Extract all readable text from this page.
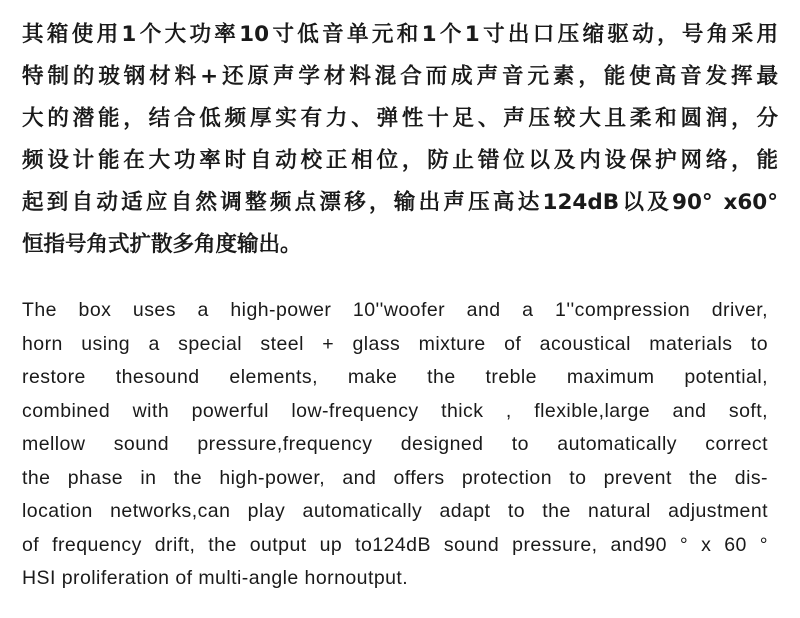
其箱使用1个大功率10寸低音单元和1个1寸出口压缩驱动，号角采用
特制的玻钢材料+还原声学材料混合而成声音元素，能使高音发挥最
大的潜能，结合低频厚实有力、弹性十足、声压较大且柔和圆润，分
频设计能在大功率时自动校正相位，防止错位以及内设保护网络，能
起到自动适应自然调整频点漂移，输出声压高达124dB以及90° x60°
恒指号角式扩散多角度输出。
The box uses a high-power 10''woofer and a 1''compression driver,
horn using a special steel + glass mixture of acoustical materials to
restore thesound elements, make the treble maximum potential,
combined with powerful low-frequency thick , flexible,large and soft,
mellow sound pressure,frequency designed to automatically correct
the phase in the high-power, and offers protection to prevent the dis-
location networks,can play automatically adapt to the natural adjustment
of frequency drift, the output up to124dB sound pressure, and90 ° x 60 °
HSI proliferation of multi-angle hornoutput.
